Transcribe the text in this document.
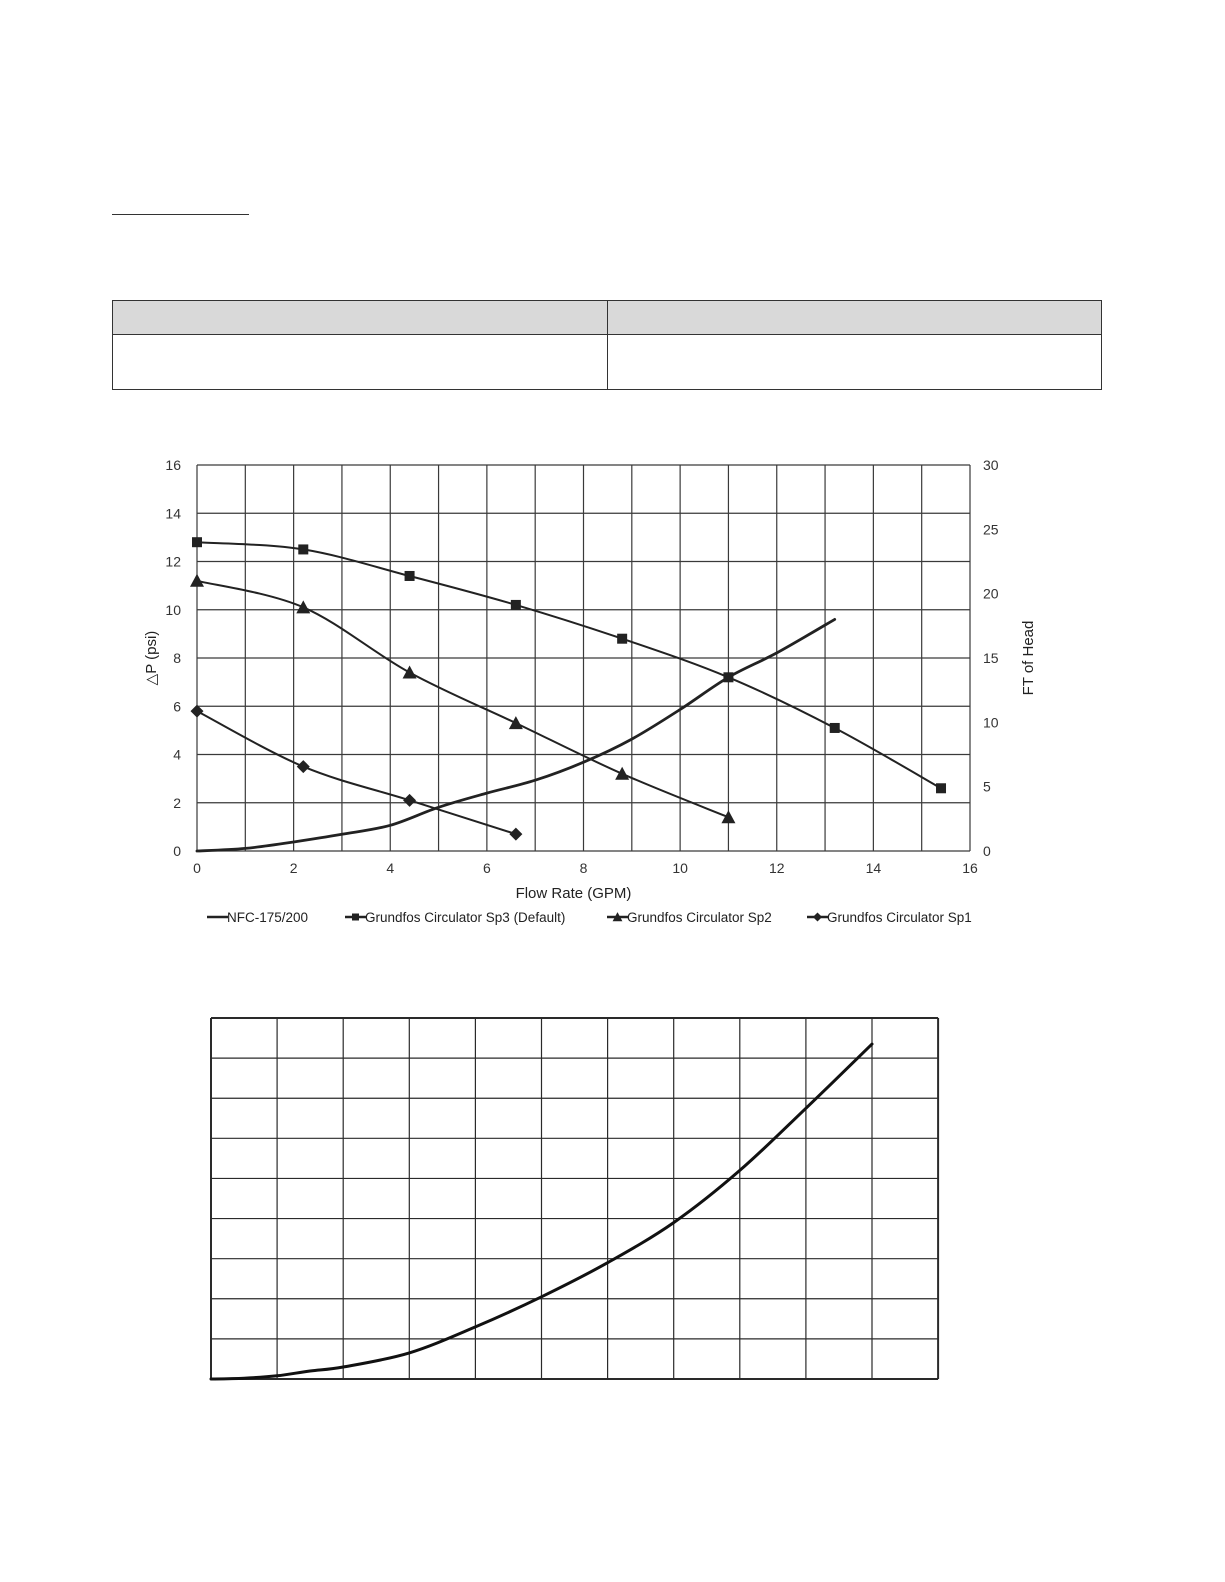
0	2	4	6	8	10	12	14	16
0
2
4
6
8
10
12
14
16
0
5
10
15
20
25
30
Flow Rate (GPM)
△P (psi)	FT of Head
NFC-175/200	Grundfos Circulator Sp3 (Default)	Grundfos Circulator Sp2	Grundfos Circulator Sp1
